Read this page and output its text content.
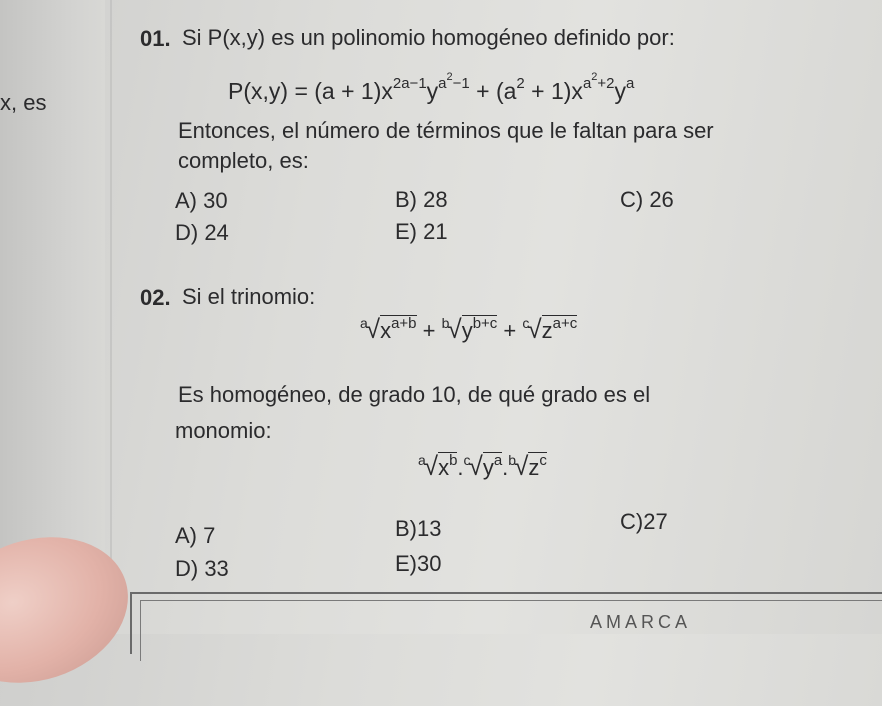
01. Si P(x,y) es un polinomio homogéneo definido por:
x, es	$P(x,y) = (a + 1)x^{2a-1}y^{a^2-1} + (a^2 + 1)x^{a^2+2}y^a$
Entonces, el número de términos que le faltan para ser
completo, es:
A) 30	B) 28	C) 26
D) 24	E) 21
02. Si el trinomio:
$^a√x^{a+b} + ^b√y^{b+c} + ^c√z^{a+c}$
Es homogéneo, de grado 10, de qué grado es el
monomio:
$^a√x^b.^c√y^a.^b√z^c$
A) 7	B)13	C)27
D) 33	E)30
AMARCA
